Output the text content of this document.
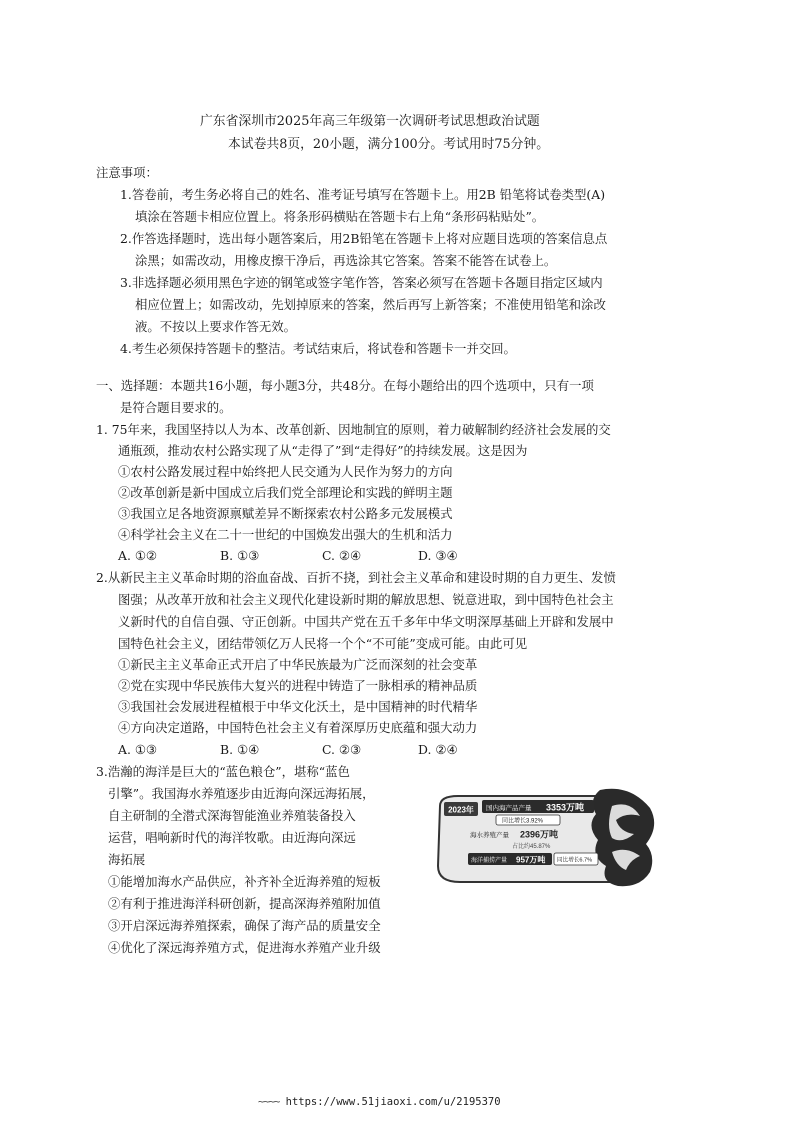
广东省深圳市2025年高三年级第一次调研考试思想政治试题
本试卷共8页，20小题，满分100分。考试用时75分钟。
注意事项：
1.答卷前，考生务必将自己的姓名、准考证号填写在答题卡上。用2B 铅笔将试卷类型(A)
填涂在答题卡相应位置上。将条形码横贴在答题卡右上角“条形码粘贴处”。
2.作答选择题时，选出每小题答案后，用2B铅笔在答题卡上将对应题目选项的答案信息点
涂黑；如需改动，用橡皮擦干净后，再选涂其它答案。答案不能答在试卷上。
3.非选择题必须用黑色字迹的钢笔或签字笔作答，答案必须写在答题卡各题目指定区域内
相应位置上；如需改动，先划掉原来的答案，然后再写上新答案；不准使用铅笔和涂改
液。不按以上要求作答无效。
4.考生必须保持答题卡的整洁。考试结束后，将试卷和答题卡一并交回。
一、选择题：本题共16小题，每小题3分，共48分。在每小题给出的四个选项中，只有一项
是符合题目要求的。
1. 75年来，我国坚持以人为本、改革创新、因地制宜的原则，着力破解制约经济社会发展的交
通瓶颈，推动农村公路实现了从“走得了”到“走得好”的持续发展。这是因为
①农村公路发展过程中始终把人民交通为人民作为努力的方向
②改革创新是新中国成立后我们党全部理论和实践的鲜明主题
③我国立足各地资源禀赋差异不断探索农村公路多元发展模式
④科学社会主义在二十一世纪的中国焕发出强大的生机和活力
A. ①②	B. ①③	C. ②④	D. ③④
2.从新民主主义革命时期的浴血奋战、百折不挠，到社会主义革命和建设时期的自力更生、发愤
图强；从改革开放和社会主义现代化建设新时期的解放思想、锐意进取，到中国特色社会主
义新时代的自信自强、守正创新。中国共产党在五千多年中华文明深厚基础上开辟和发展中
国特色社会主义，团结带领亿万人民将一个个“不可能”变成可能。由此可见
①新民主主义革命正式开启了中华民族最为广泛而深刻的社会变革
②党在实现中华民族伟大复兴的进程中铸造了一脉相承的精神品质
③我国社会发展进程植根于中华文化沃土，是中国精神的时代精华
④方向决定道路，中国特色社会主义有着深厚历史底蕴和强大动力
A. ①③	B. ①④	C. ②③	D. ②④
3.浩瀚的海洋是巨大的“蓝色粮仓”，堪称“蓝色
引擎”。我国海水养殖逐步由近海向深远海拓展，
自主研制的全潜式深海智能渔业养殖装备投入
运营，唱响新时代的海洋牧歌。由近海向深远
海拓展
①能增加海水产品供应，补齐补全近海养殖的短板
②有利于推进海洋科研创新，提高深海养殖附加值
③开启深远海养殖探索，确保了海产品的质量安全
④优化了深远海养殖方式，促进海水养殖产业升级
2023年 国内海产品产量 3353万吨
同比增长3.92%
海水养殖产量 2396万吨
占比约45.87%
海洋捕捞产量 957万吨 同比增长6.7%
~~~~ https://www.51jiaoxi.com/u/2195370
